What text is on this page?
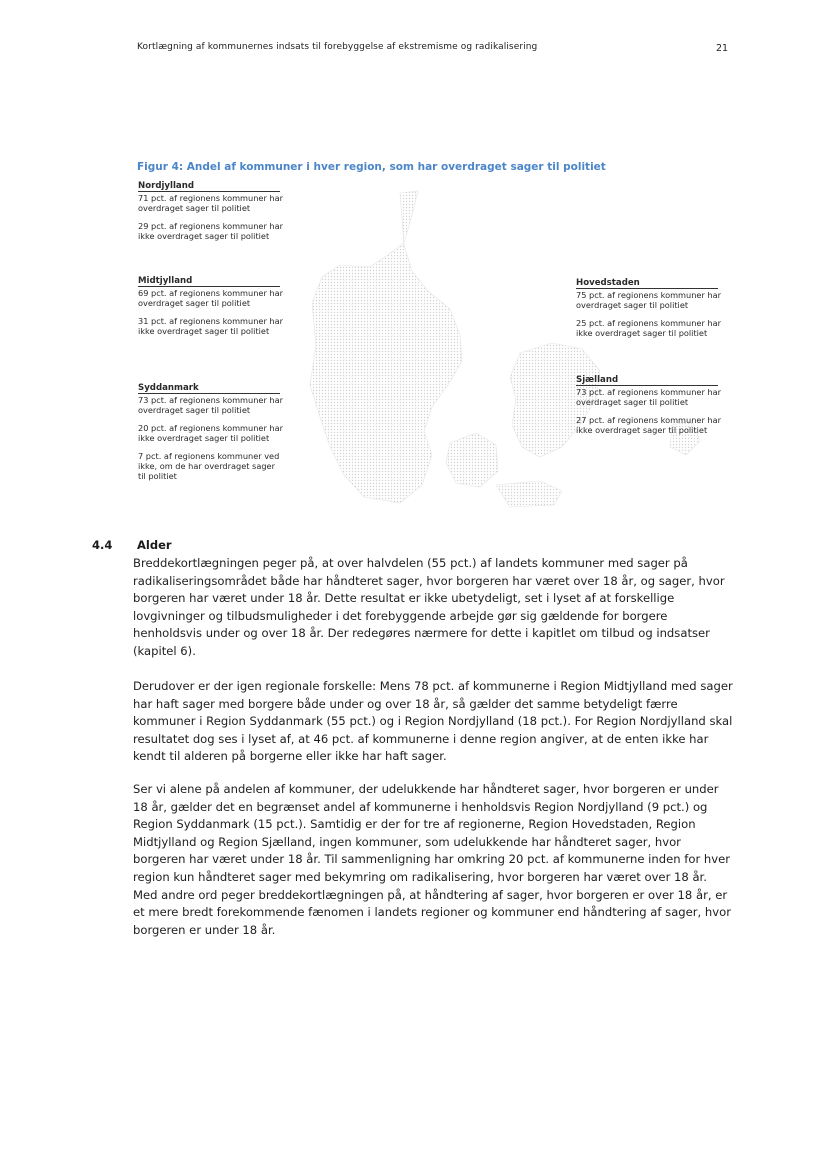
Kortlægning af kommunernes indsats til forebyggelse af ekstremisme og radikalisering	21
Figur 4: Andel af kommuner i hver region, som har overdraget sager til politiet
Nordjylland
71 pct. af regionens kommuner har overdraget sager til politiet
29 pct. af regionens kommuner har ikke overdraget sager til politiet
Midtjylland
69 pct. af regionens kommuner har overdraget sager til politiet
31 pct. af regionens kommuner har ikke overdraget sager til politiet
Syddanmark
73 pct. af regionens kommuner har overdraget sager til politiet
20 pct. af regionens kommuner har ikke overdraget sager til politiet
7 pct. af regionens kommuner ved ikke, om de har overdraget sager til politiet
Hovedstaden
75 pct. af regionens kommuner har overdraget sager til politiet
25 pct. af regionens kommuner har ikke overdraget sager til politiet
Sjælland
73 pct. af regionens kommuner har overdraget sager til politiet
27 pct. af regionens kommuner har ikke overdraget sager til politiet
4.4 Alder

Breddekortlægningen peger på, at over halvdelen (55 pct.) af landets kommuner med sager på radikaliseringsområdet både har håndteret sager, hvor borgeren har været over 18 år, og sager, hvor borgeren har været under 18 år. Dette resultat er ikke ubetydeligt, set i lyset af at forskellige lovgivninger og tilbudsmuligheder i det forebyggende arbejde gør sig gældende for borgere henholdsvis under og over 18 år. Der redegøres nærmere for dette i kapitlet om tilbud og indsatser (kapitel 6).

Derudover er der igen regionale forskelle: Mens 78 pct. af kommunerne i Region Midtjylland med sager har haft sager med borgere både under og over 18 år, så gælder det samme betydeligt færre kommuner i Region Syddanmark (55 pct.) og i Region Nordjylland (18 pct.). For Region Nordjylland skal resultatet dog ses i lyset af, at 46 pct. af kommunerne i denne region angiver, at de enten ikke har kendt til alderen på borgerne eller ikke har haft sager.

Ser vi alene på andelen af kommuner, der udelukkende har håndteret sager, hvor borgeren er under 18 år, gælder det en begrænset andel af kommunerne i henholdsvis Region Nordjylland (9 pct.) og Region Syddanmark (15 pct.). Samtidig er der for tre af regionerne, Region Hovedstaden, Region Midtjylland og Region Sjælland, ingen kommuner, som udelukkende har håndteret sager, hvor borgeren har været under 18 år. Til sammenligning har omkring 20 pct. af kommunerne inden for hver region kun håndteret sager med bekymring om radikalisering, hvor borgeren har været over 18 år. Med andre ord peger breddekortlægningen på, at håndtering af sager, hvor borgeren er over 18 år, er et mere bredt forekommende fænomen i landets regioner og kommuner end håndtering af sager, hvor borgeren er under 18 år.
